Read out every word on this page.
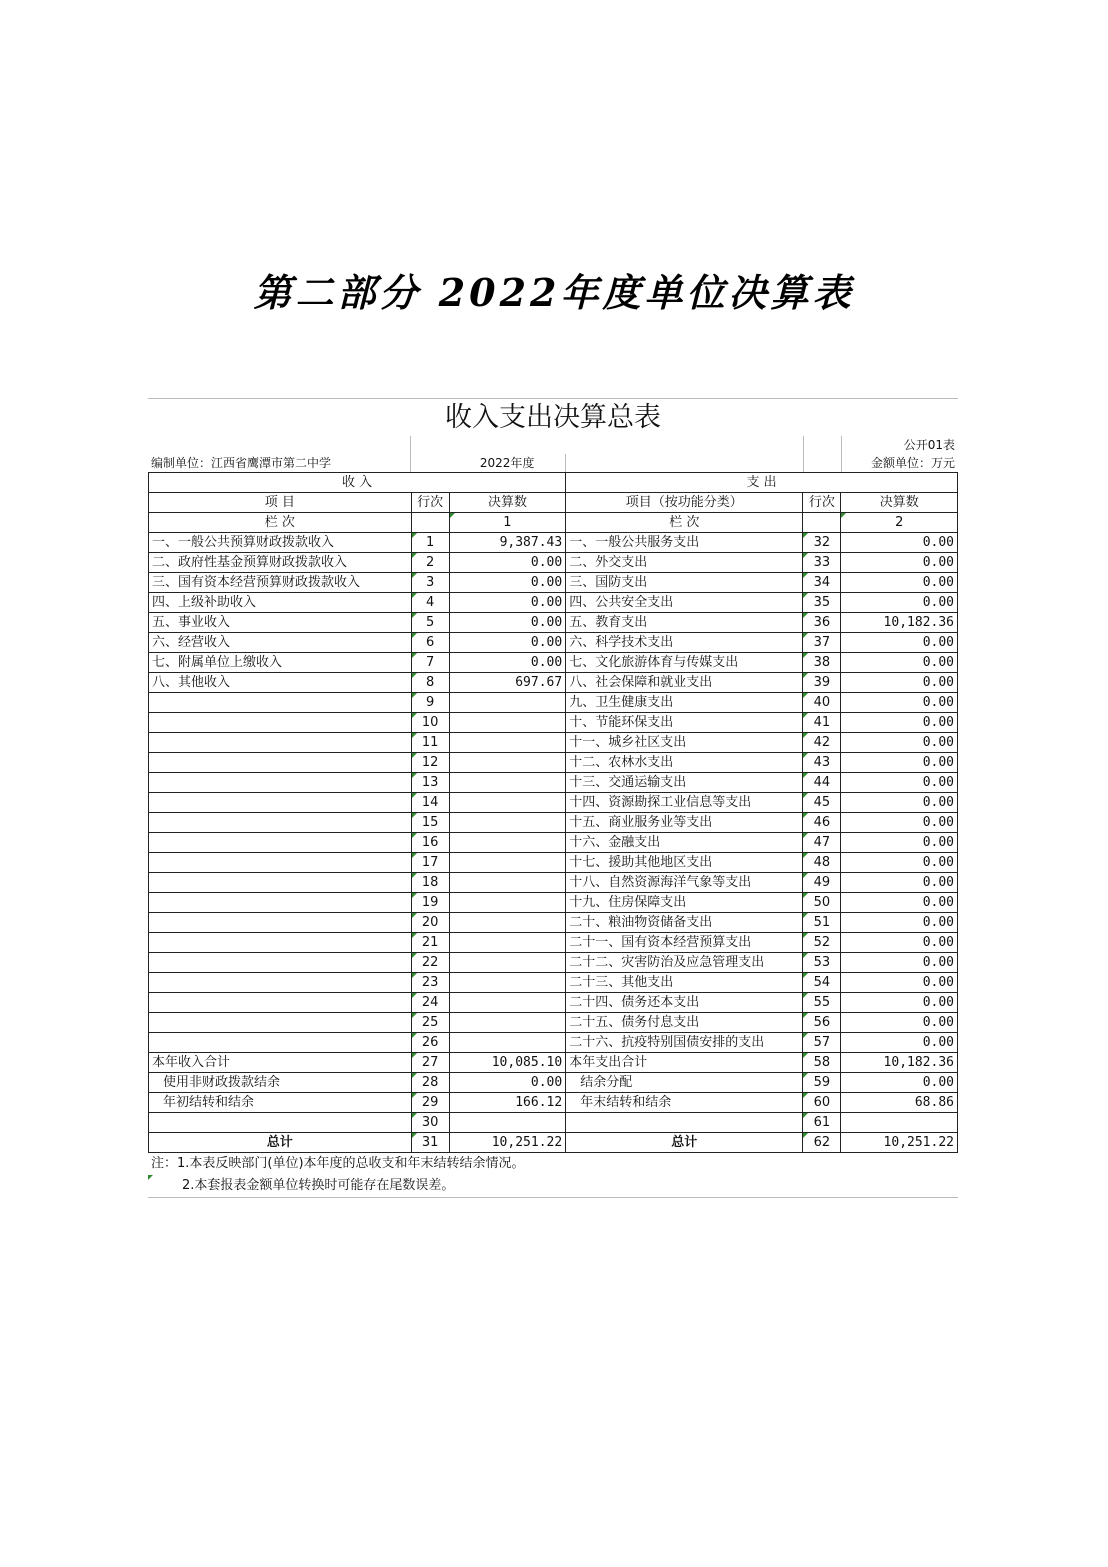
第二部分 2022年度单位决算表
收入支出决算总表
					公开01表
编制单位：江西省鹰潭市第二中学		2022年度			金额单位：万元
收 入			支 出		
项 目	行次	决算数	项目（按功能分类）	行次	决算数
栏 次		1	栏 次		2
一、一般公共预算财政拨款收入	1	9,387.43	一、一般公共服务支出	32	0.00
二、政府性基金预算财政拨款收入	2	0.00	二、外交支出	33	0.00
三、国有资本经营预算财政拨款收入	3	0.00	三、国防支出	34	0.00
四、上级补助收入	4	0.00	四、公共安全支出	35	0.00
五、事业收入	5	0.00	五、教育支出	36	10,182.36
六、经营收入	6	0.00	六、科学技术支出	37	0.00
七、附属单位上缴收入	7	0.00	七、文化旅游体育与传媒支出	38	0.00
八、其他收入	8	697.67	八、社会保障和就业支出	39	0.00
	9		九、卫生健康支出	40	0.00
	10		十、节能环保支出	41	0.00
	11		十一、城乡社区支出	42	0.00
	12		十二、农林水支出	43	0.00
	13		十三、交通运输支出	44	0.00
	14		十四、资源勘探工业信息等支出	45	0.00
	15		十五、商业服务业等支出	46	0.00
	16		十六、金融支出	47	0.00
	17		十七、援助其他地区支出	48	0.00
	18		十八、自然资源海洋气象等支出	49	0.00
	19		十九、住房保障支出	50	0.00
	20		二十、粮油物资储备支出	51	0.00
	21		二十一、国有资本经营预算支出	52	0.00
	22		二十二、灾害防治及应急管理支出	53	0.00
	23		二十三、其他支出	54	0.00
	24		二十四、债务还本支出	55	0.00
	25		二十五、债务付息支出	56	0.00
	26		二十六、抗疫特别国债安排的支出	57	0.00
本年收入合计	27	10,085.10	本年支出合计	58	10,182.36
使用非财政拨款结余	28	0.00	结余分配	59	0.00
年初结转和结余	29	166.12	年末结转和结余	60	68.86
	30			61	
总计	31	10,251.22	总计	62	10,251.22
注：1.本表反映部门(单位)本年度的总收支和年末结转结余情况。
2.本套报表金额单位转换时可能存在尾数误差。
